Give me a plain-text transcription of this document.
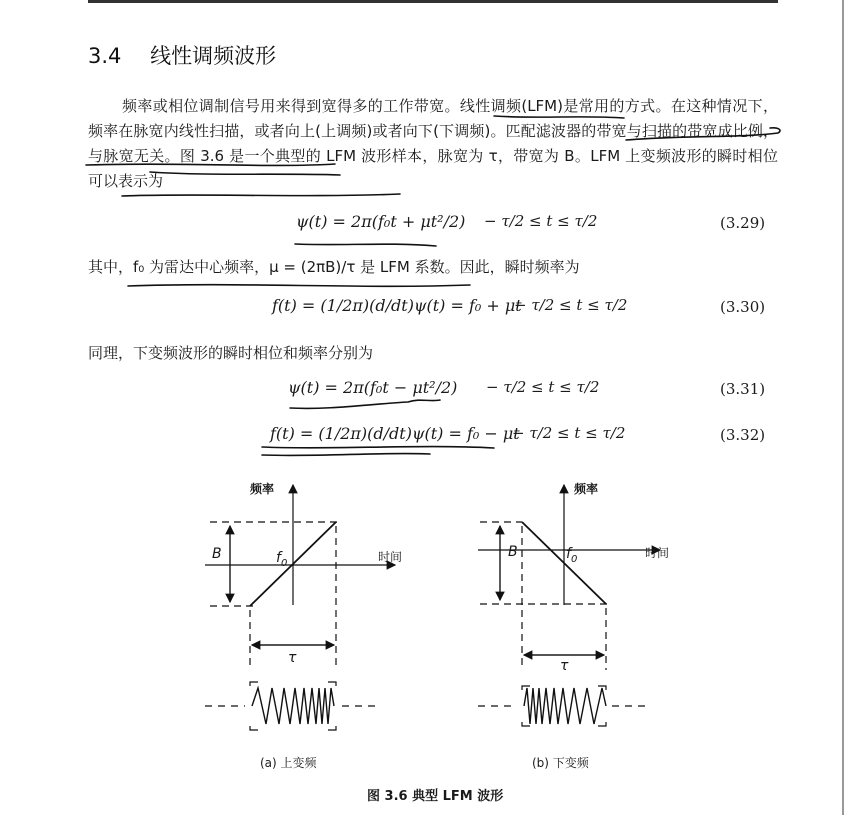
3.4 线性调频波形
频率或相位调制信号用来得到宽得多的工作带宽。线性调频(LFM)是常用的方式。在这种情况下，频率在脉宽内线性扫描，或者向上(上调频)或者向下(下调频)。匹配滤波器的带宽与扫描的带宽成比例，与脉宽无关。图 3.6 是一个典型的 LFM 波形样本，脉宽为 τ，带宽为 B。LFM 上变频波形的瞬时相位可以表示为
ψ(t) = 2π(f₀t + μt²/2) − τ/2 ≤ t ≤ τ/2	(3.29)
其中，f₀ 为雷达中心频率，μ = (2πB)/τ 是 LFM 系数。因此，瞬时频率为
f(t) = (1/2π)(d/dt)ψ(t) = f₀ + μt
− τ/2 ≤ t ≤ τ/2	(3.30)
同理，下变频波形的瞬时相位和频率分别为
ψ(t) = 2π(f₀t − μt²/2) − τ/2 ≤ t ≤ τ/2	(3.31)
f(t) = (1/2π)(d/dt)ψ(t) = f₀ − μt
− τ/2 ≤ t ≤ τ/2	(3.32)
频率
时间
B	$f_0$
τ
(a) 上变频
频率
时间
B	$f_0$
τ
(b) 下变频
图 3.6 典型 LFM 波形
